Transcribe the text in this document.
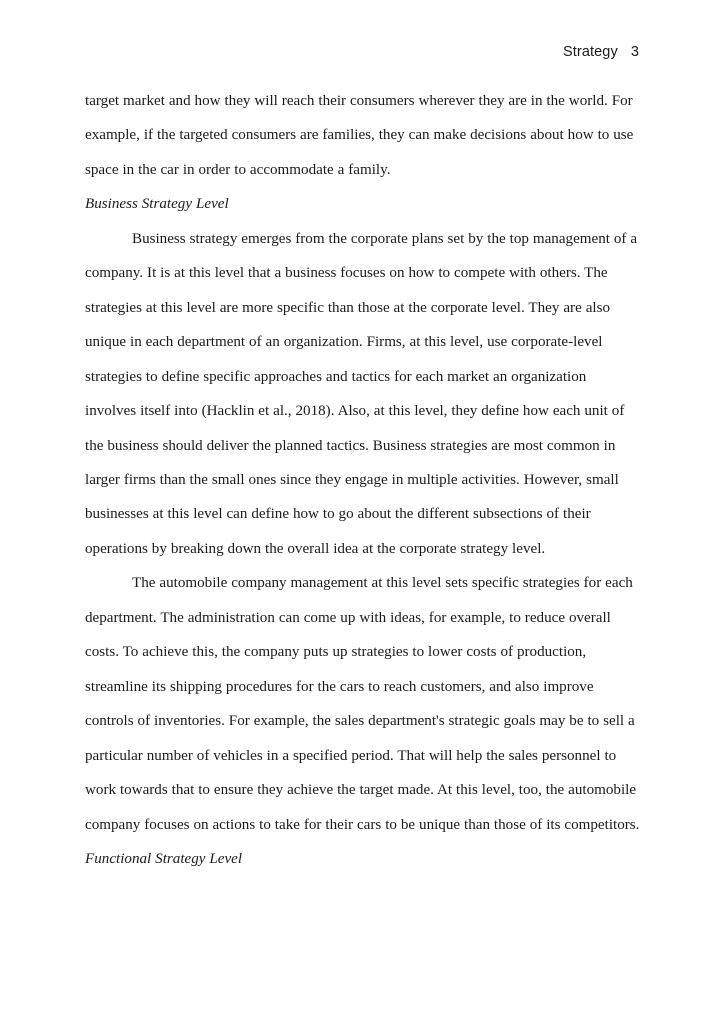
Strategy 3

target market and how they will reach their consumers wherever they are in the world. For example, if the targeted consumers are families, they can make decisions about how to use space in the car in order to accommodate a family.

Business Strategy Level

Business strategy emerges from the corporate plans set by the top management of a company. It is at this level that a business focuses on how to compete with others. The strategies at this level are more specific than those at the corporate level. They are also unique in each department of an organization. Firms, at this level, use corporate-level strategies to define specific approaches and tactics for each market an organization involves itself into (Hacklin et al., 2018). Also, at this level, they define how each unit of the business should deliver the planned tactics. Business strategies are most common in larger firms than the small ones since they engage in multiple activities. However, small businesses at this level can define how to go about the different subsections of their operations by breaking down the overall idea at the corporate strategy level.

The automobile company management at this level sets specific strategies for each department. The administration can come up with ideas, for example, to reduce overall costs. To achieve this, the company puts up strategies to lower costs of production, streamline its shipping procedures for the cars to reach customers, and also improve controls of inventories. For example, the sales department's strategic goals may be to sell a particular number of vehicles in a specified period. That will help the sales personnel to work towards that to ensure they achieve the target made. At this level, too, the automobile company focuses on actions to take for their cars to be unique than those of its competitors.

Functional Strategy Level
